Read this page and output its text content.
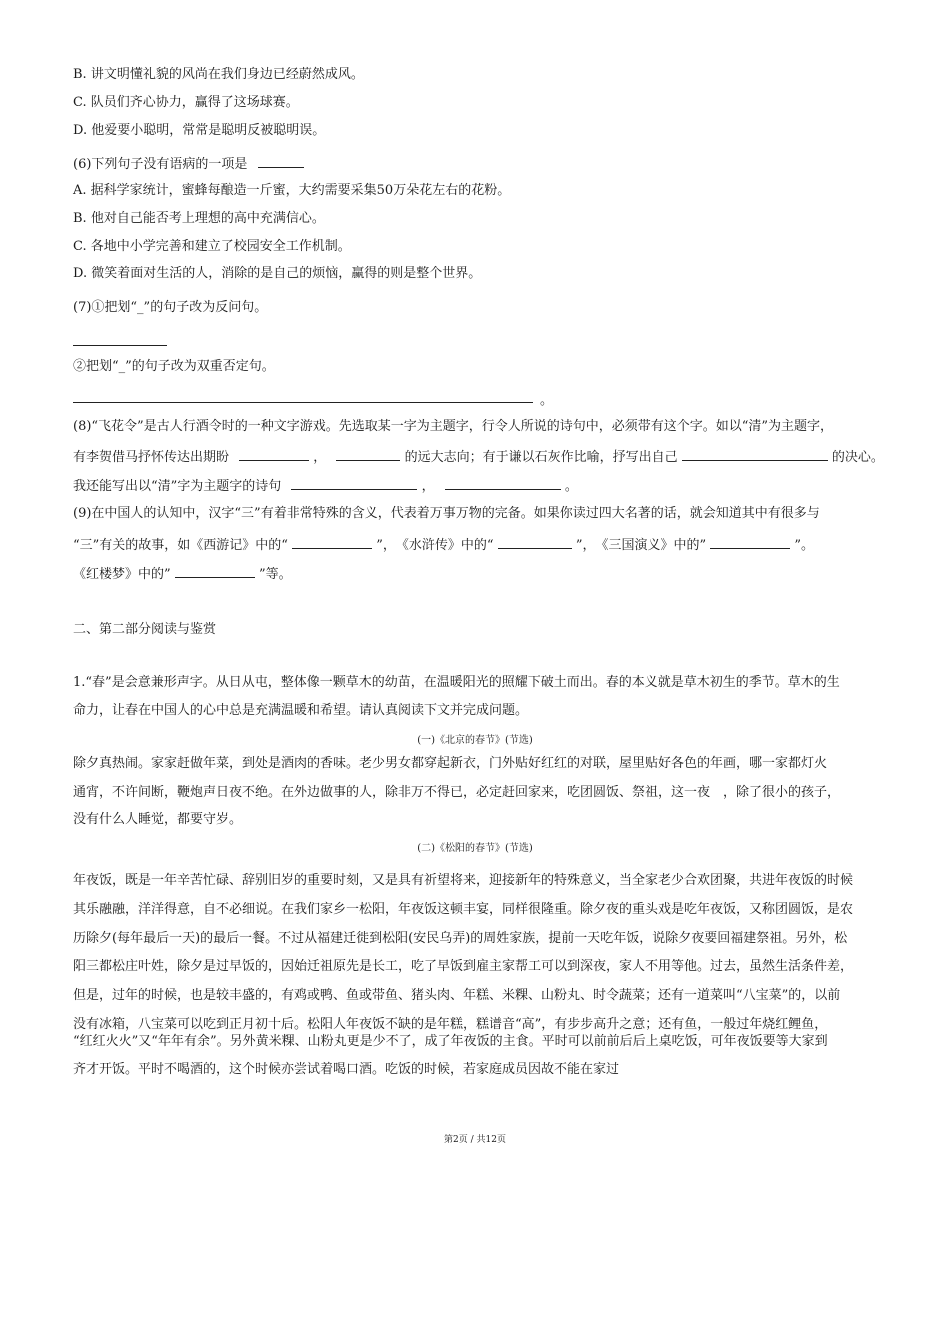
B. 讲文明懂礼貌的风尚在我们身边已经蔚然成风。
C. 队员们齐心协力，赢得了这场球赛。
D. 他爱要小聪明，常常是聪明反被聪明误。
(6)下列句子没有语病的一项是
A. 据科学家统计，蜜蜂每酿造一斤蜜，大约需要采集50万朵花左右的花粉。
B. 他对自己能否考上理想的高中充满信心。
C. 各地中小学完善和建立了校园安全工作机制。
D. 微笑着面对生活的人，消除的是自己的烦恼，赢得的则是整个世界。
(7)①把划“_”的句子改为反问句。
②把划“_”的句子改为双重否定句。
。
(8)“飞花令”是古人行酒令时的一种文字游戏。先选取某一字为主题字，行令人所说的诗句中，必须带有这个字。如以“清”为主题字，
有李贺借马抒怀传达出期盼	，	的远大志向；有于谦以石灰作比喻，抒写出自己	的决心。
我还能写出以“清”字为主题字的诗句	，	。
(9)在中国人的认知中，汉字“三”有着非常特殊的含义，代表着万事万物的完备。如果你读过四大名著的话，就会知道其中有很多与
“三”有关的故事，如《西游记》中的“	”，　《水浒传》中的“	”，　《三国演义》中的”	”。
《红楼梦》中的”	”等。
二、第二部分阅读与鉴赏
1.“春”是会意兼形声字。从日从屯，整体像一颗草木的幼苗，在温暖阳光的照耀下破土而出。春的本义就是草木初生的季节。草木的生
命力，让春在中国人的心中总是充满温暖和希望。请认真阅读下文并完成问题。
(一)《北京的春节》(节选)
除夕真热闹。家家赶做年菜，到处是酒肉的香味。老少男女都穿起新衣，门外贴好红红的对联，屋里贴好各色的年画，哪一家都灯火
通宵，不许间断，鞭炮声日夜不绝。在外边做事的人，除非万不得已，必定赶回家来，吃团圆饭、祭祖，这一夜　，除了很小的孩子，
没有什么人睡觉，都要守岁。
(二)《松阳的春节》(节选)
年夜饭，既是一年辛苦忙碌、辞别旧岁的重要时刻，又是具有祈望将来，迎接新年的特殊意义，当全家老少合欢团聚，共进年夜饭的时候
其乐融融，洋洋得意，自不必细说。在我们家乡一松阳，年夜饭这顿丰宴，同样很隆重。除夕夜的重头戏是吃年夜饭，又称团圆饭，是农
历除夕(每年最后一天)的最后一餐。不过从福建迁徙到松阳(安民乌弄)的周姓家族，提前一天吃年饭，说除夕夜要回福建祭祖。另外，松
阳三都松庄叶姓，除夕是过早饭的，因始迁祖原先是长工，吃了早饭到雇主家帮工可以到深夜，家人不用等他。过去，虽然生活条件差，
但是，过年的时候，也是较丰盛的，有鸡或鸭、鱼或带鱼、猪头肉、年糕、米粿、山粉丸、时令蔬菜；还有一道菜叫“八宝菜”的，以前
没有冰箱，八宝菜可以吃到正月初十后。松阳人年夜饭不缺的是年糕，糕谱音“高”，有步步高升之意；还有鱼，一般过年烧红鲤鱼，
“红红火火”又“年年有余”。另外黄米粿、山粉丸更是少不了，成了年夜饭的主食。平时可以前前后后上桌吃饭，可年夜饭要等大家到
齐才开饭。平时不喝酒的，这个时候亦尝试着喝口酒。吃饭的时候，若家庭成员因故不能在家过
第2页 / 共12页
